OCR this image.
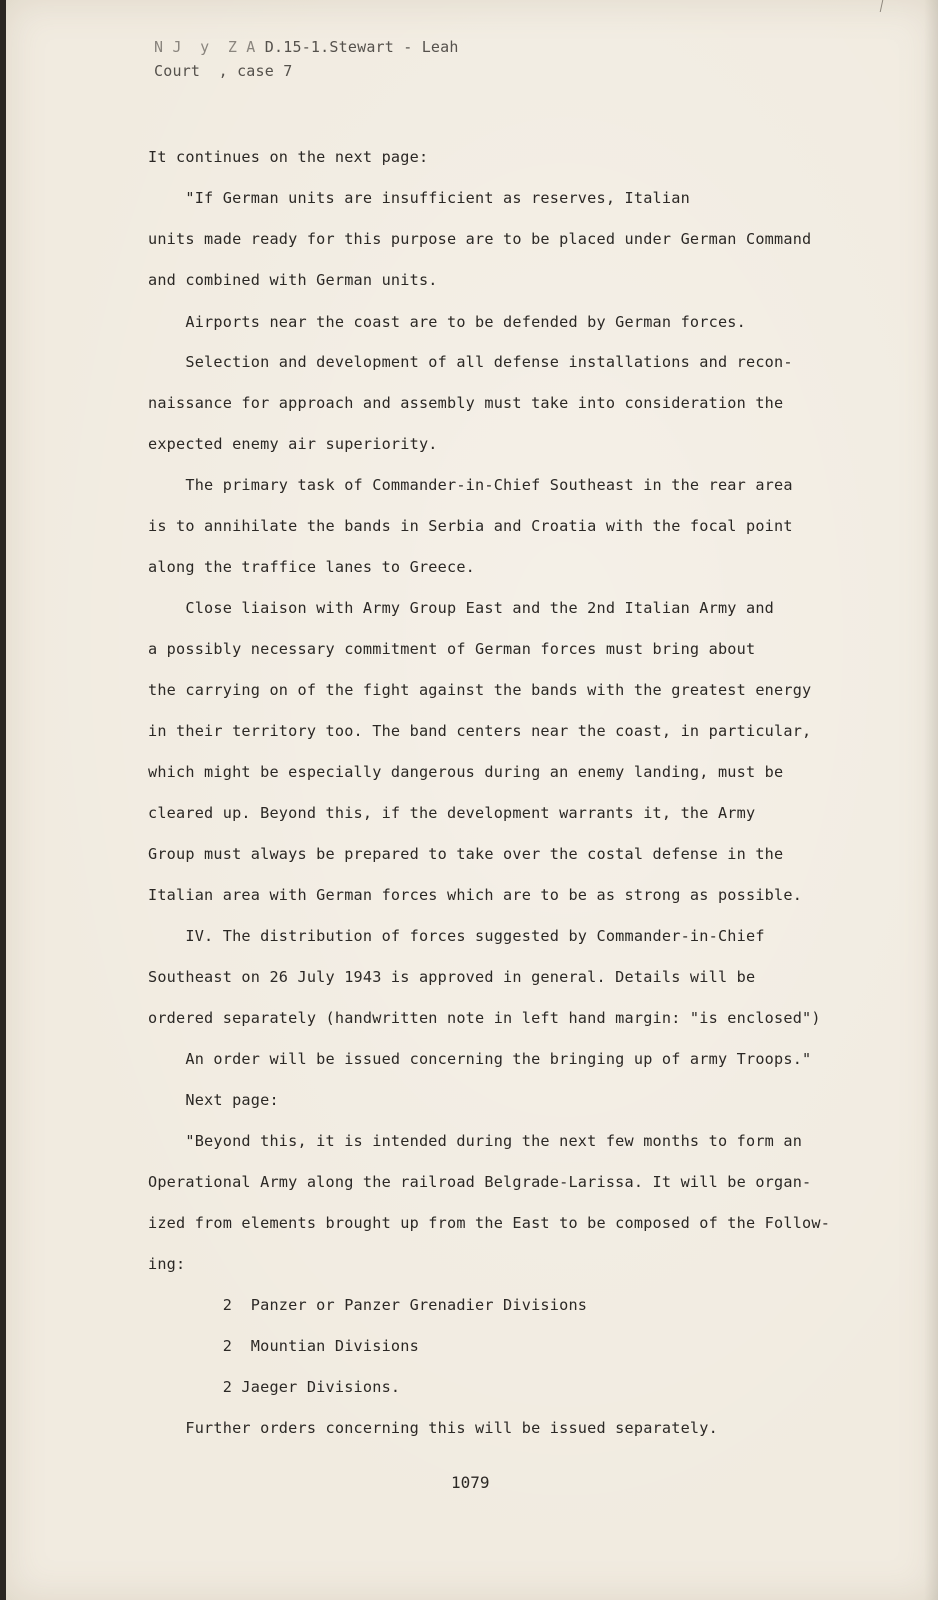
N J  y  Z A D.15-1.Stewart - Leah
Court  , case 7
It continues on the next page:
"If German units are insufficient as reserves, Italian
units made ready for this purpose are to be placed under German Command
and combined with German units.
Airports near the coast are to be defended by German forces.
Selection and development of all defense installations and recon-
naissance for approach and assembly must take into consideration the
expected enemy air superiority.
The primary task of Commander-in-Chief Southeast in the rear area
is to annihilate the bands in Serbia and Croatia with the focal point
along the traffice lanes to Greece.
Close liaison with Army Group East and the 2nd Italian Army and
a possibly necessary commitment of German forces must bring about
the carrying on of the fight against the bands with the greatest energy
in their territory too. The band centers near the coast, in particular,
which might be especially dangerous during an enemy landing, must be
cleared up. Beyond this, if the development warrants it, the Army
Group must always be prepared to take over the costal defense in the
Italian area with German forces which are to be as strong as possible.
IV. The distribution of forces suggested by Commander-in-Chief
Southeast on 26 July 1943 is approved in general. Details will be
ordered separately (handwritten note in left hand margin: "is enclosed")
An order will be issued concerning the bringing up of army Troops."
Next page:
"Beyond this, it is intended during the next few months to form an
Operational Army along the railroad Belgrade-Larissa. It will be organ-
ized from elements brought up from the East to be composed of the Follow-
ing:
2  Panzer or Panzer Grenadier Divisions
2  Mountian Divisions
2 Jaeger Divisions.
Further orders concerning this will be issued separately.
1079
